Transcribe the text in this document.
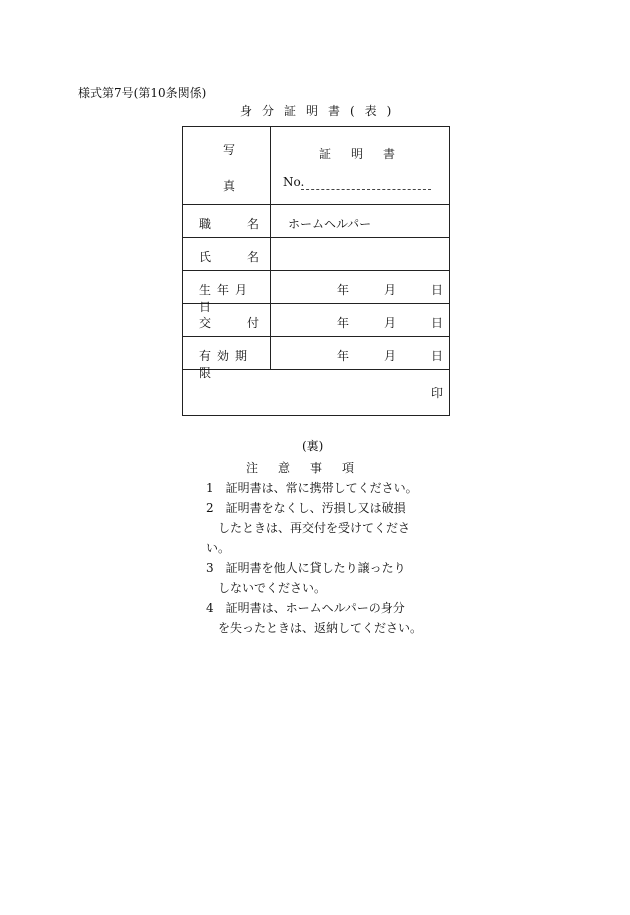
様式第7号(第10条関係)
身分証明書(表)
写
真	証明書
No.

職 名	ホームヘルパー

氏 名	

生年月日	年 月 日

交 付	年 月 日

有効期限	年 月 日

印	
(裏)
注意事項
1　証明書は、常に携帯してください。
2　証明書をなくし、汚損し又は破損
　したときは、再交付を受けてくださ
い。
3　証明書を他人に貸したり譲ったり
　しないでください。
4　証明書は、ホームヘルパーの身分
　を失ったときは、返納してください。
